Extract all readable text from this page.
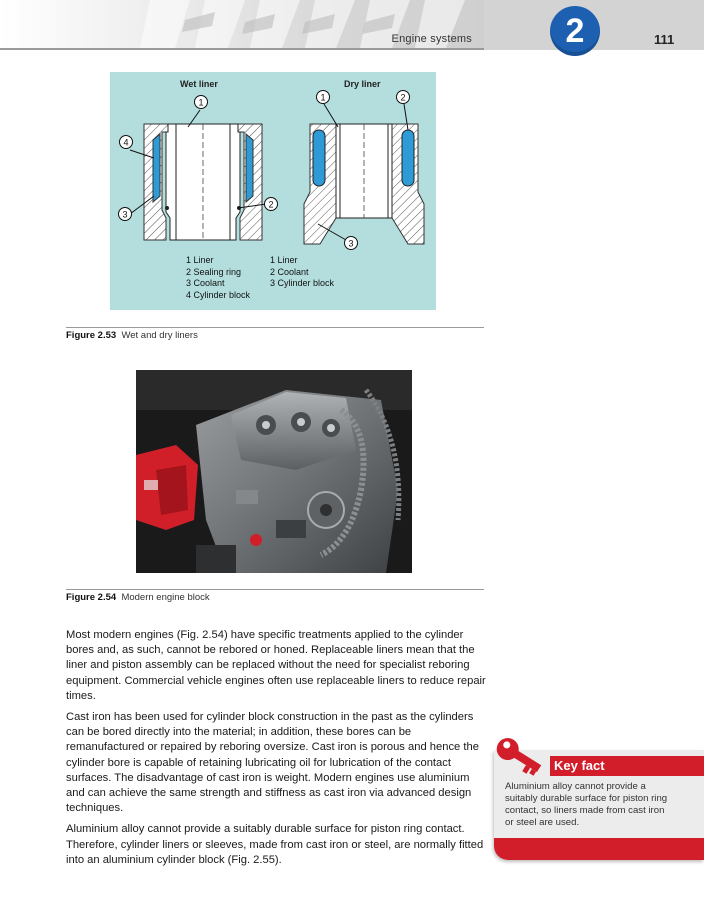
Engine systems	2	111
1
2
3
4
1	2
3
Wet liner	Dry liner
1 Liner
2 Sealing ring
3 Coolant
4 Cylinder block
1 Liner
2 Coolant
3 Cylinder block
Figure 2.53 Wet and dry liners
Figure 2.54 Modern engine block

Most modern engines (Fig. 2.54) have specific treatments applied to the cylinder bores and, as such, cannot be rebored or honed. Replaceable liners mean that the liner and piston assembly can be replaced without the need for specialist reboring equipment. Commercial vehicle engines often use replaceable liners to reduce repair times.

Cast iron has been used for cylinder block construction in the past as the cylinders can be bored directly into the material; in addition, these bores can be remanufactured or repaired by reboring oversize. Cast iron is porous and hence the cylinder bore is capable of retaining lubricating oil for lubrication of the contact surfaces. The disadvantage of cast iron is weight. Modern engines use aluminium and can achieve the same strength and stiffness as cast iron via advanced design techniques.

Aluminium alloy cannot provide a suitably durable surface for piston ring contact. Therefore, cylinder liners or sleeves, made from cast iron or steel, are normally fitted into an aluminium cylinder block (Fig. 2.55).

Key fact
Aluminium alloy cannot provide a suitably durable surface for piston ring contact, so liners made from cast iron or steel are used.
